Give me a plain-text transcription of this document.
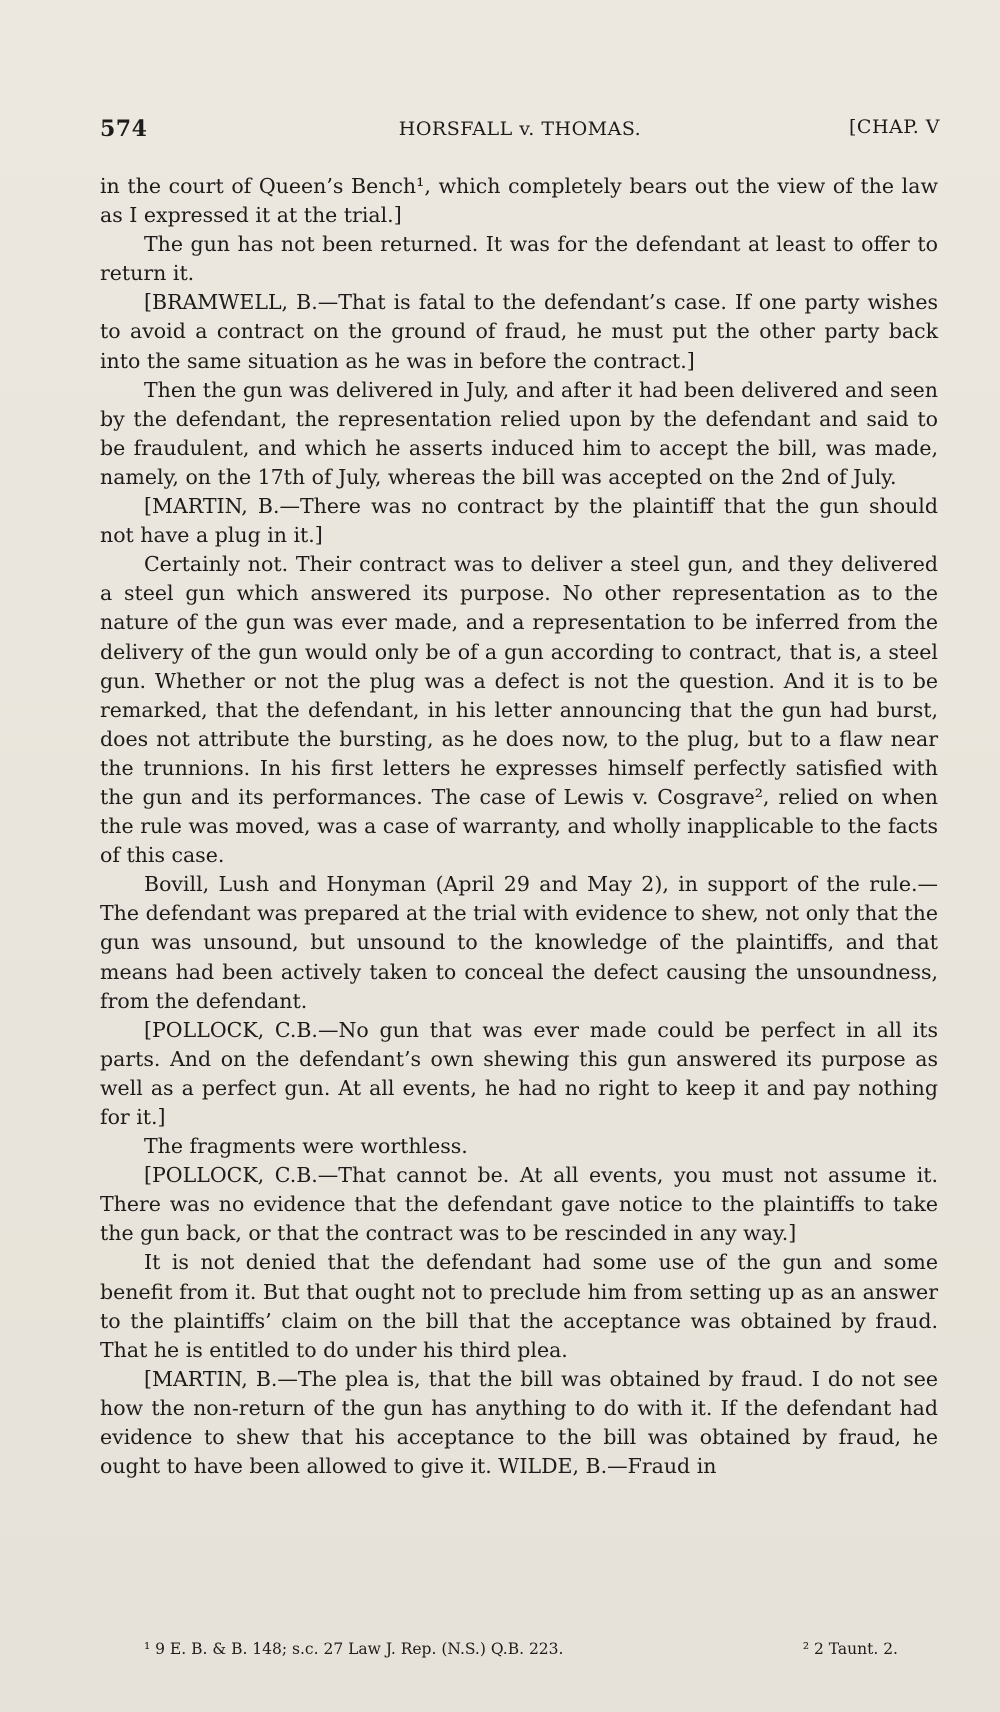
574	HORSFALL v. THOMAS.	[CHAP. V

in the court of Queen’s Bench¹, which completely bears out the view of the law as I expressed it at the trial.]

The gun has not been returned. It was for the defendant at least to offer to return it.

[BRAMWELL, B.—That is fatal to the defendant’s case. If one party wishes to avoid a contract on the ground of fraud, he must put the other party back into the same situation as he was in before the contract.]

Then the gun was delivered in July, and after it had been delivered and seen by the defendant, the representation relied upon by the defendant and said to be fraudulent, and which he asserts induced him to accept the bill, was made, namely, on the 17th of July, whereas the bill was accepted on the 2nd of July.

[MARTIN, B.—There was no contract by the plaintiff that the gun should not have a plug in it.]

Certainly not. Their contract was to deliver a steel gun, and they delivered a steel gun which answered its purpose. No other representation as to the nature of the gun was ever made, and a representation to be inferred from the delivery of the gun would only be of a gun according to contract, that is, a steel gun. Whether or not the plug was a defect is not the question. And it is to be remarked, that the defendant, in his letter announcing that the gun had burst, does not attribute the bursting, as he does now, to the plug, but to a flaw near the trunnions. In his first letters he expresses himself perfectly satisfied with the gun and its performances. The case of Lewis v. Cosgrave², relied on when the rule was moved, was a case of warranty, and wholly inapplicable to the facts of this case.

Bovill, Lush and Honyman (April 29 and May 2), in support of the rule.—The defendant was prepared at the trial with evidence to shew, not only that the gun was unsound, but unsound to the knowledge of the plaintiffs, and that means had been actively taken to conceal the defect causing the unsoundness, from the defendant.

[POLLOCK, C.B.—No gun that was ever made could be perfect in all its parts. And on the defendant’s own shewing this gun answered its purpose as well as a perfect gun. At all events, he had no right to keep it and pay nothing for it.]

The fragments were worthless.

[POLLOCK, C.B.—That cannot be. At all events, you must not assume it. There was no evidence that the defendant gave notice to the plaintiffs to take the gun back, or that the contract was to be rescinded in any way.]

It is not denied that the defendant had some use of the gun and some benefit from it. But that ought not to preclude him from setting up as an answer to the plaintiffs’ claim on the bill that the acceptance was obtained by fraud. That he is entitled to do under his third plea.

[MARTIN, B.—The plea is, that the bill was obtained by fraud. I do not see how the non-return of the gun has anything to do with it. If the defendant had evidence to shew that his acceptance to the bill was obtained by fraud, he ought to have been allowed to give it. WILDE, B.—Fraud in

¹ 9 E. B. & B. 148; s.c. 27 Law J. Rep. (N.S.) Q.B. 223.	² 2 Taunt. 2.
